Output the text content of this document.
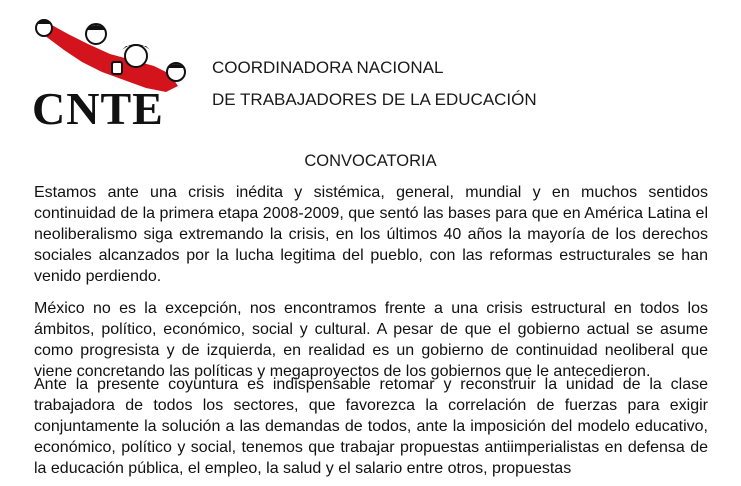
CNTE
COORDINADORA NACIONAL
DE TRABAJADORES DE LA EDUCACIÓN
CONVOCATORIA

Estamos ante una crisis inédita y sistémica, general, mundial y en muchos sentidos continuidad de la primera etapa 2008-2009, que sentó las bases para que en América Latina el neoliberalismo siga extremando la crisis, en los últimos 40 años la mayoría de los derechos sociales alcanzados por la lucha legitima del pueblo, con las reformas estructurales se han venido perdiendo.

México no es la excepción, nos encontramos frente a una crisis estructural en todos los ámbitos, político, económico, social y cultural. A pesar de que el gobierno actual se asume como progresista y de izquierda, en realidad es un gobierno de continuidad neoliberal que viene concretando las políticas y megaproyectos de los gobiernos que le antecedieron.

Ante la presente coyuntura es indispensable retomar y reconstruir la unidad de la clase trabajadora de todos los sectores, que favorezca la correlación de fuerzas para exigir conjuntamente la solución a las demandas de todos, ante la imposición del modelo educativo, económico, político y social, tenemos que trabajar propuestas antiimperialistas en defensa de la educación pública, el empleo, la salud y el salario entre otros, propuestas
